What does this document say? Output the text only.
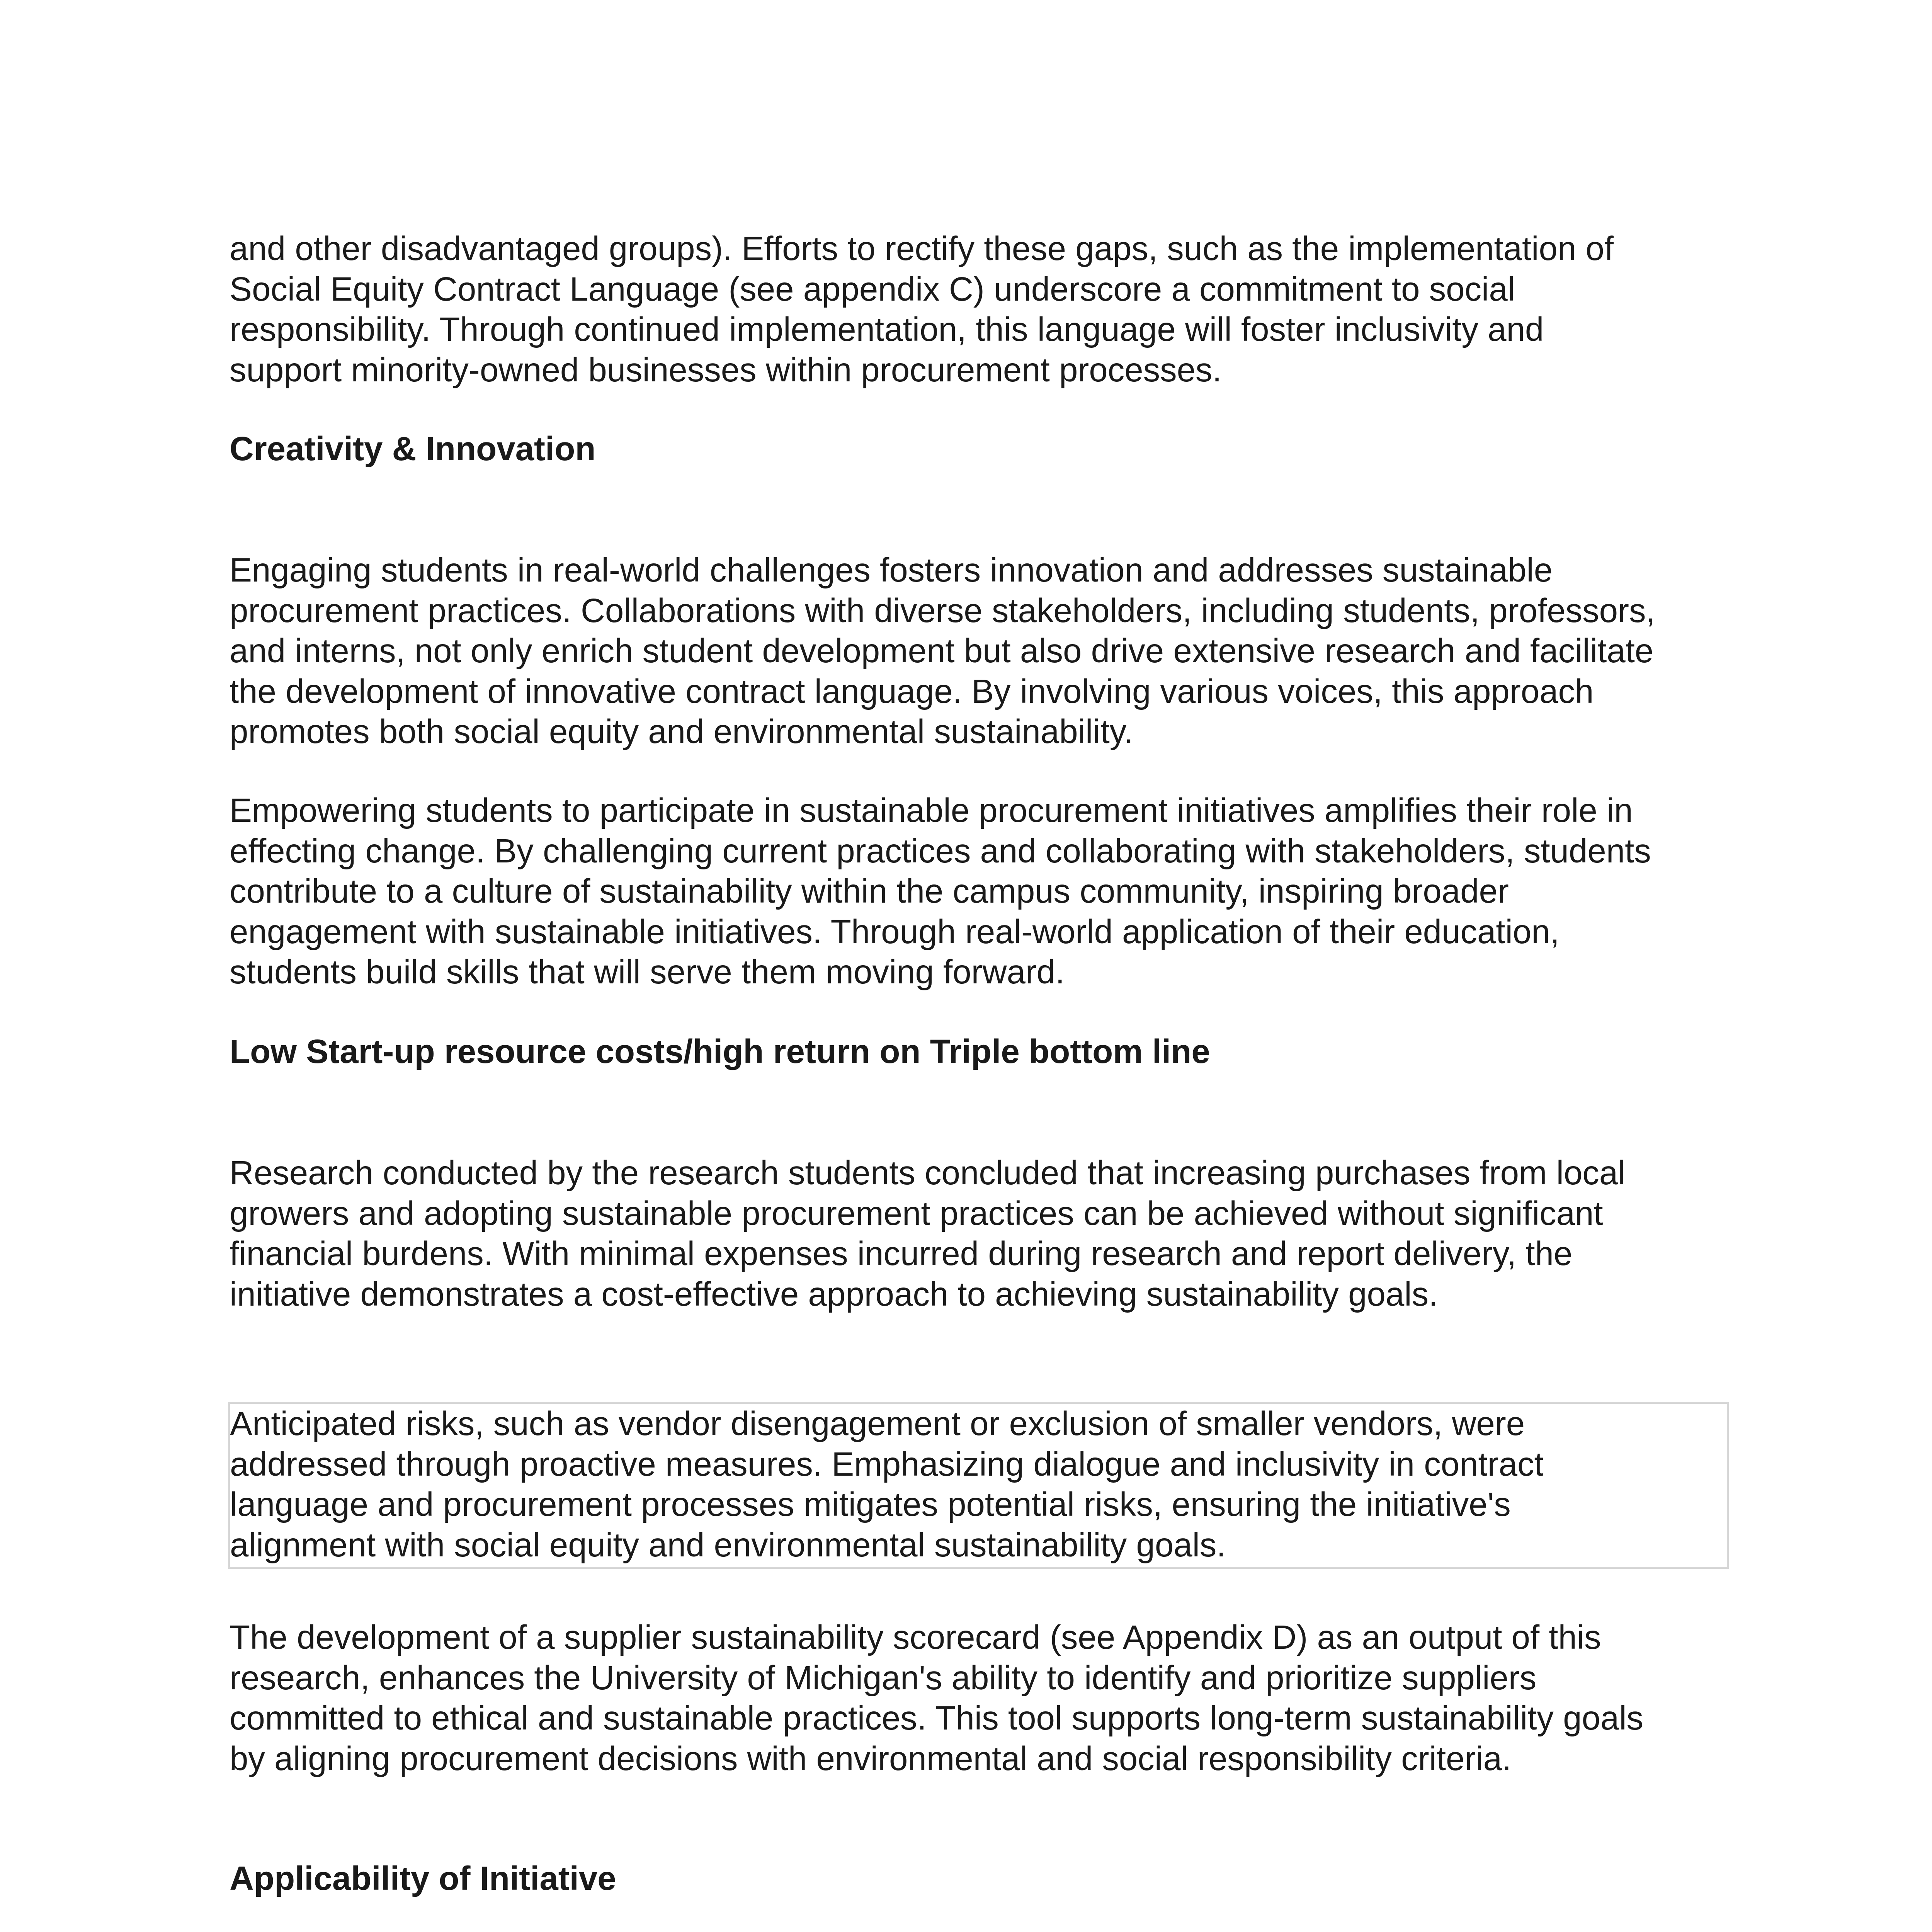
and other disadvantaged groups). Efforts to rectify these gaps, such as the implementation of
Social Equity Contract Language (see appendix C) underscore a commitment to social
responsibility. Through continued implementation, this language will foster inclusivity and
support minority-owned businesses within procurement processes.

Creativity & Innovation

Engaging students in real-world challenges fosters innovation and addresses sustainable
procurement practices. Collaborations with diverse stakeholders, including students, professors,
and interns, not only enrich student development but also drive extensive research and facilitate
the development of innovative contract language. By involving various voices, this approach
promotes both social equity and environmental sustainability.

Empowering students to participate in sustainable procurement initiatives amplifies their role in
effecting change. By challenging current practices and collaborating with stakeholders, students
contribute to a culture of sustainability within the campus community, inspiring broader
engagement with sustainable initiatives. Through real-world application of their education,
students build skills that will serve them moving forward.

Low Start-up resource costs/high return on Triple bottom line

Research conducted by the research students concluded that increasing purchases from local
growers and adopting sustainable procurement practices can be achieved without significant
financial burdens. With minimal expenses incurred during research and report delivery, the
initiative demonstrates a cost-effective approach to achieving sustainability goals.

Anticipated risks, such as vendor disengagement or exclusion of smaller vendors, were
addressed through proactive measures. Emphasizing dialogue and inclusivity in contract
language and procurement processes mitigates potential risks, ensuring the initiative's
alignment with social equity and environmental sustainability goals.

The development of a supplier sustainability scorecard (see Appendix D) as an output of this
research, enhances the University of Michigan's ability to identify and prioritize suppliers
committed to ethical and sustainable practices. This tool supports long-term sustainability goals
by aligning procurement decisions with environmental and social responsibility criteria.

Applicability of Initiative
